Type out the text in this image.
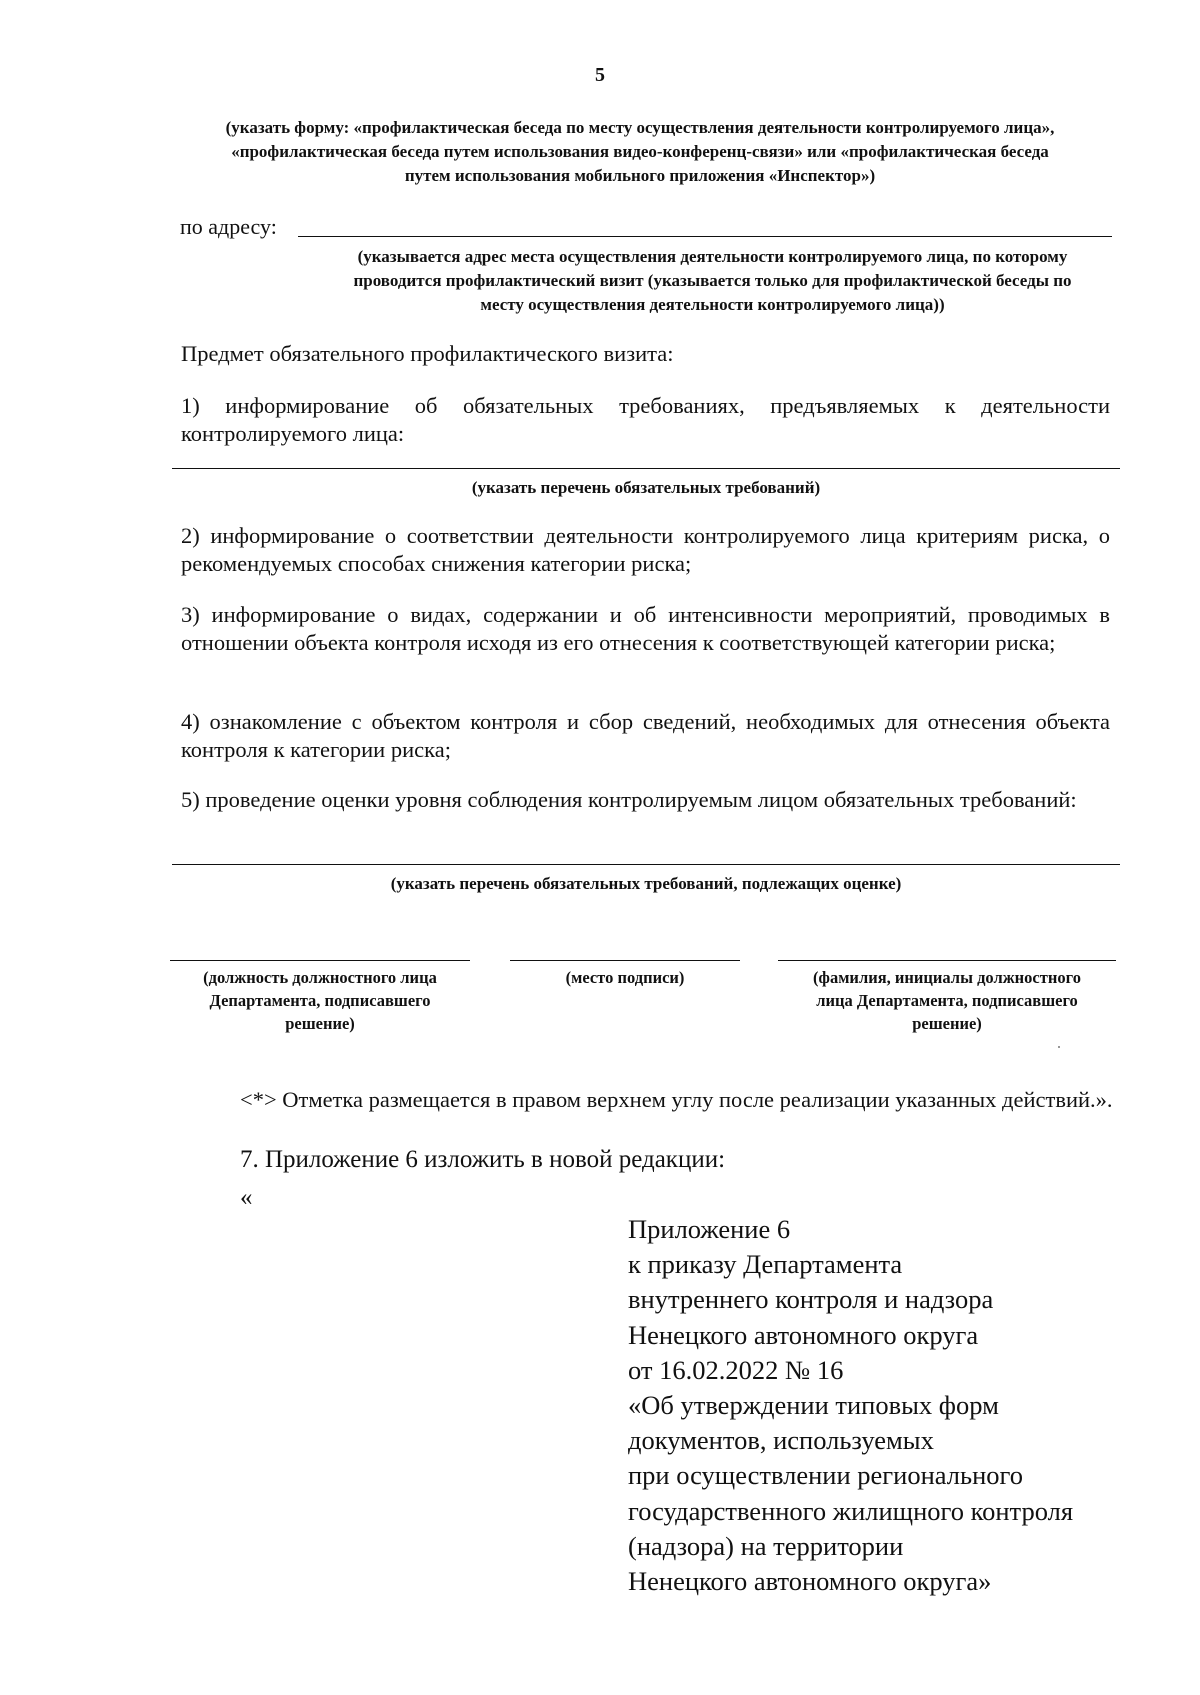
5

(указать форму: «профилактическая беседа по месту осуществления деятельности контролируемого лица»,

«профилактическая беседа путем использования видео-конференц-связи» или «профилактическая беседа

путем использования мобильного приложения «Инспектор»)

по адресу:

(указывается адрес места осуществления деятельности контролируемого лица, по которому

проводится профилактический визит (указывается только для профилактической беседы по

месту осуществления деятельности контролируемого лица))

Предмет обязательного профилактического визита:

1) информирование об обязательных требованиях, предъявляемых к деятельности контролируемого лица:

(указать перечень обязательных требований)

2) информирование о соответствии деятельности контролируемого лица критериям риска, о рекомендуемых способах снижения категории риска;

3) информирование о видах, содержании и об интенсивности мероприятий, проводимых в отношении объекта контроля исходя из его отнесения к соответствующей категории риска;

4) ознакомление с объектом контроля и сбор сведений, необходимых для отнесения объекта контроля к категории риска;

5) проведение оценки уровня соблюдения контролируемым лицом обязательных требований:

(указать перечень обязательных требований, подлежащих оценке)

(должность должностного лица
Департамента, подписавшего
решение)
(место подписи)	(фамилия, инициалы должностного
лица Департамента, подписавшего
решение)

<*> Отметка размещается в правом верхнем углу после реализации указанных действий.».

7. Приложение 6 изложить в новой редакции:
«
Приложение 6
к приказу Департамента
внутреннего контроля и надзора
Ненецкого автономного округа
от 16.02.2022 № 16
«Об утверждении типовых форм
документов, используемых
при осуществлении регионального
государственного жилищного контроля
(надзора) на территории
Ненецкого автономного округа»
